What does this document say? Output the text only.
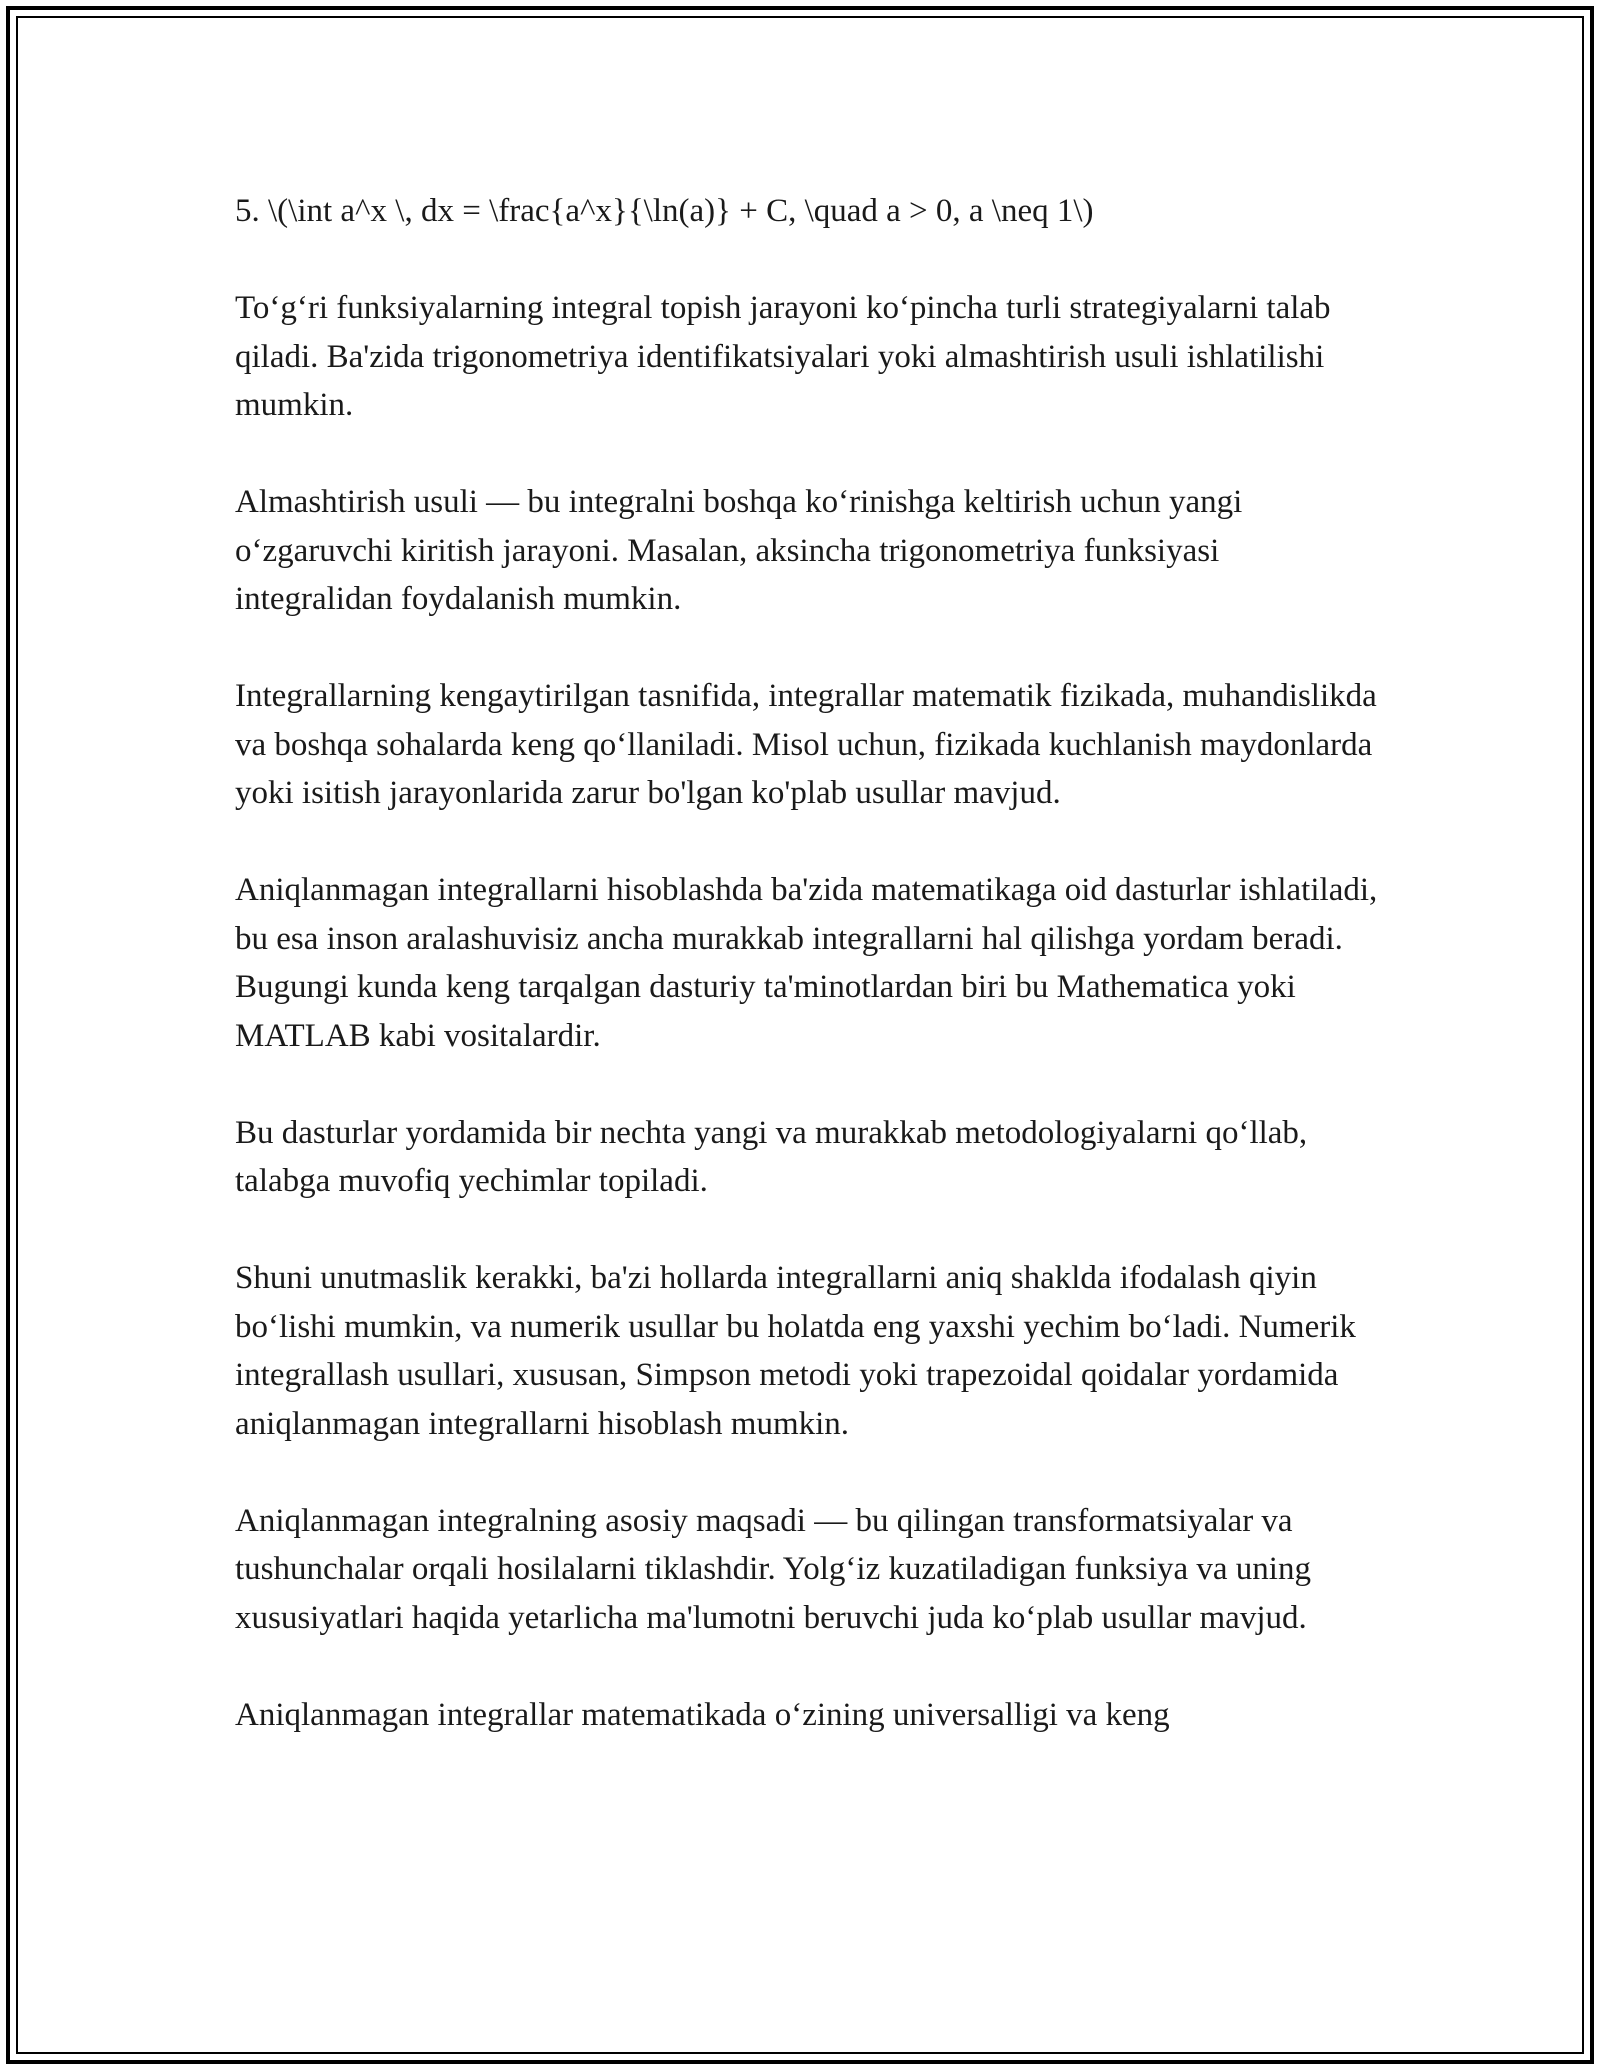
5. \(\int a^x \, dx = \frac{a^x}{\ln(a)} + C, \quad a > 0, a \neq 1\)

To‘g‘ri funksiyalarning integral topish jarayoni ko‘pincha turli strategiyalarni talab qiladi. Ba'zida trigonometriya identifikatsiyalari yoki almashtirish usuli ishlatilishi mumkin.

Almashtirish usuli — bu integralni boshqa ko‘rinishga keltirish uchun yangi o‘zgaruvchi kiritish jarayoni. Masalan, aksincha trigonometriya funksiyasi integralidan foydalanish mumkin.

Integrallarning kengaytirilgan tasnifida, integrallar matematik fizikada, muhandislikda va boshqa sohalarda keng qo‘llaniladi. Misol uchun, fizikada kuchlanish maydonlarda yoki isitish jarayonlarida zarur bo'lgan ko'plab usullar mavjud.

Aniqlanmagan integrallarni hisoblashda ba'zida matematikaga oid dasturlar ishlatiladi, bu esa inson aralashuvisiz ancha murakkab integrallarni hal qilishga yordam beradi. Bugungi kunda keng tarqalgan dasturiy ta'minotlardan biri bu Mathematica yoki MATLAB kabi vositalardir.

Bu dasturlar yordamida bir nechta yangi va murakkab metodologiyalarni qo‘llab, talabga muvofiq yechimlar topiladi.

Shuni unutmaslik kerakki, ba'zi hollarda integrallarni aniq shaklda ifodalash qiyin bo‘lishi mumkin, va numerik usullar bu holatda eng yaxshi yechim bo‘ladi. Numerik integrallash usullari, xususan, Simpson metodi yoki trapezoidal qoidalar yordamida aniqlanmagan integrallarni hisoblash mumkin.

Aniqlanmagan integralning asosiy maqsadi — bu qilingan transformatsiyalar va tushunchalar orqali hosilalarni tiklashdir. Yolg‘iz kuzatiladigan funksiya va uning xususiyatlari haqida yetarlicha ma'lumotni beruvchi juda ko‘plab usullar mavjud.

Aniqlanmagan integrallar matematikada o‘zining universalligi va keng
